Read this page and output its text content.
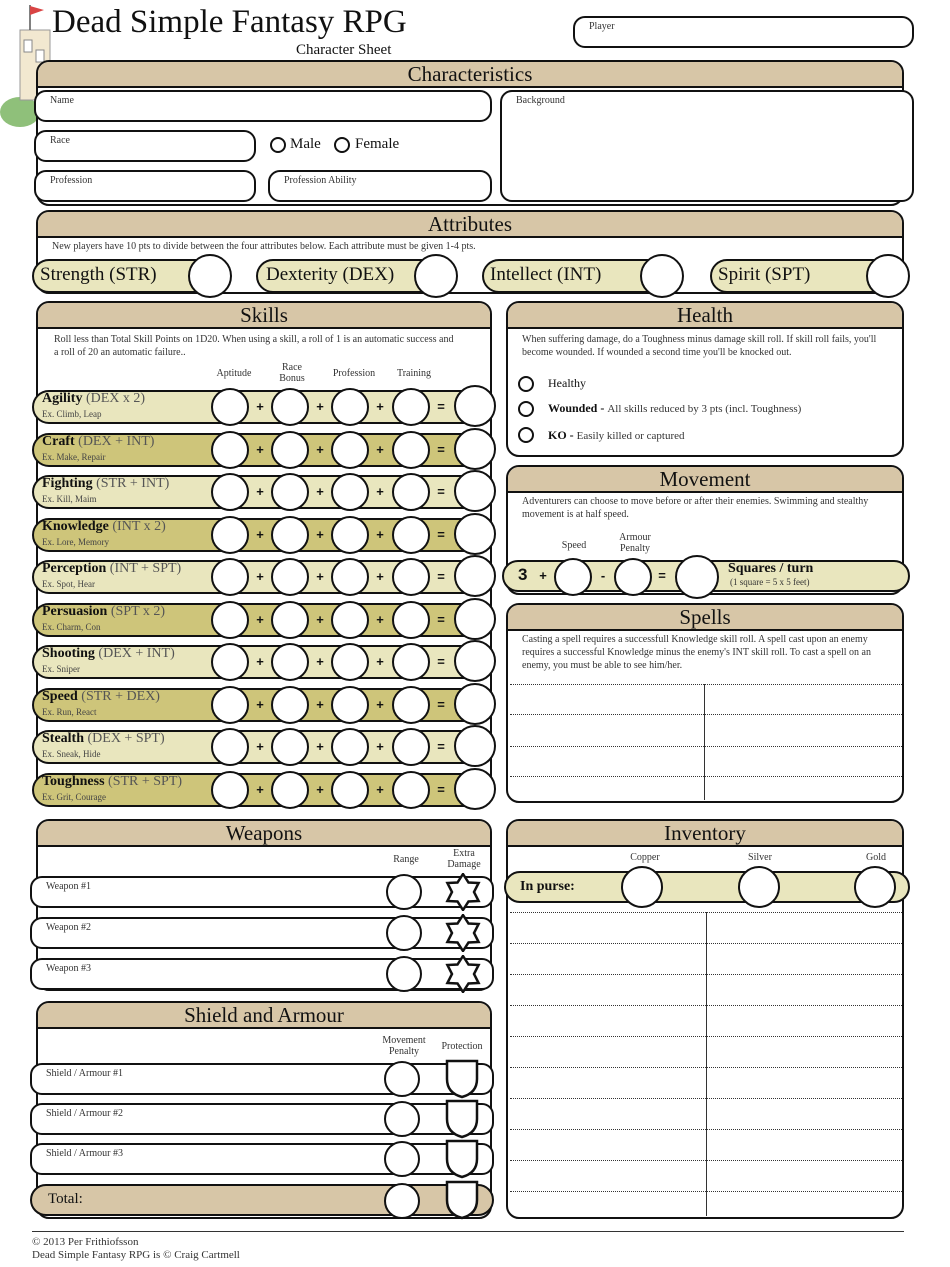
Dead Simple Fantasy RPG
Character Sheet
Player
Characteristics
Name	Background
Race	Male Female
Profession	Profession Ability
Attributes
New players have 10 pts to divide between the four attributes below. Each attribute must be given 1-4 pts.
Strength (STR)	Dexterity (DEX)	Intellect (INT)	Spirit (SPT)
Skills
Roll less than Total Skill Points on 1D20. When using a skill, a roll of 1 is an automatic success and a roll of 20 an automatic failure..
Aptitude
Race Bonus	Profession	Training
Agility (DEX x 2)
Ex. Climb, Leap	+	+	+	=
Craft (DEX + INT)
Ex. Make, Repair	+	+	+	=
Fighting (STR + INT)
Ex. Kill, Maim	+	+	+	=
Knowledge (INT x 2)
Ex. Lore, Memory	+	+	+	=
Perception (INT + SPT)
Ex. Spot, Hear	+	+	+	=
Persuasion (SPT x 2)
Ex. Charm, Con	+	+	+	=
Shooting (DEX + INT)
Ex. Sniper	+	+	+	=
Speed (STR + DEX)
Ex. Run, React	+	+	+	=
Stealth (DEX + SPT)
Ex. Sneak, Hide	+	+	+	=
Toughness (STR + SPT)
Ex. Grit, Courage	+	+	+	=
Health
When suffering damage, do a Toughness minus damage skill roll. If skill roll fails, you'll become wounded. If wounded a second time you'll be knocked out.
Healthy
Wounded - All skills reduced by 3 pts (incl. Toughness)
KO - Easily killed or captured
Movement
Adventurers can choose to move before or after their enemies. Swimming and stealthy movement is at half speed.
Speed
Armour Penalty
3 +	-	=	Squares / turn
(1 square = 5 x 5 feet)
Spells
Casting a spell requires a successfull Knowledge skill roll. A spell cast upon an enemy requires a successful Knowledge minus the enemy's INT skill roll. To cast a spell on an enemy, you must be able to see him/her.
Weapons
Range
Extra Damage
Weapon #1
Weapon #2
Weapon #3
Shield and Armour
Movement Penalty	Protection
Shield / Armour #1
Shield / Armour #2
Shield / Armour #3
Total:
Inventory
Copper	Silver	Gold
In purse:
© 2013 Per Frithiofsson
Dead Simple Fantasy RPG is © Craig Cartmell
